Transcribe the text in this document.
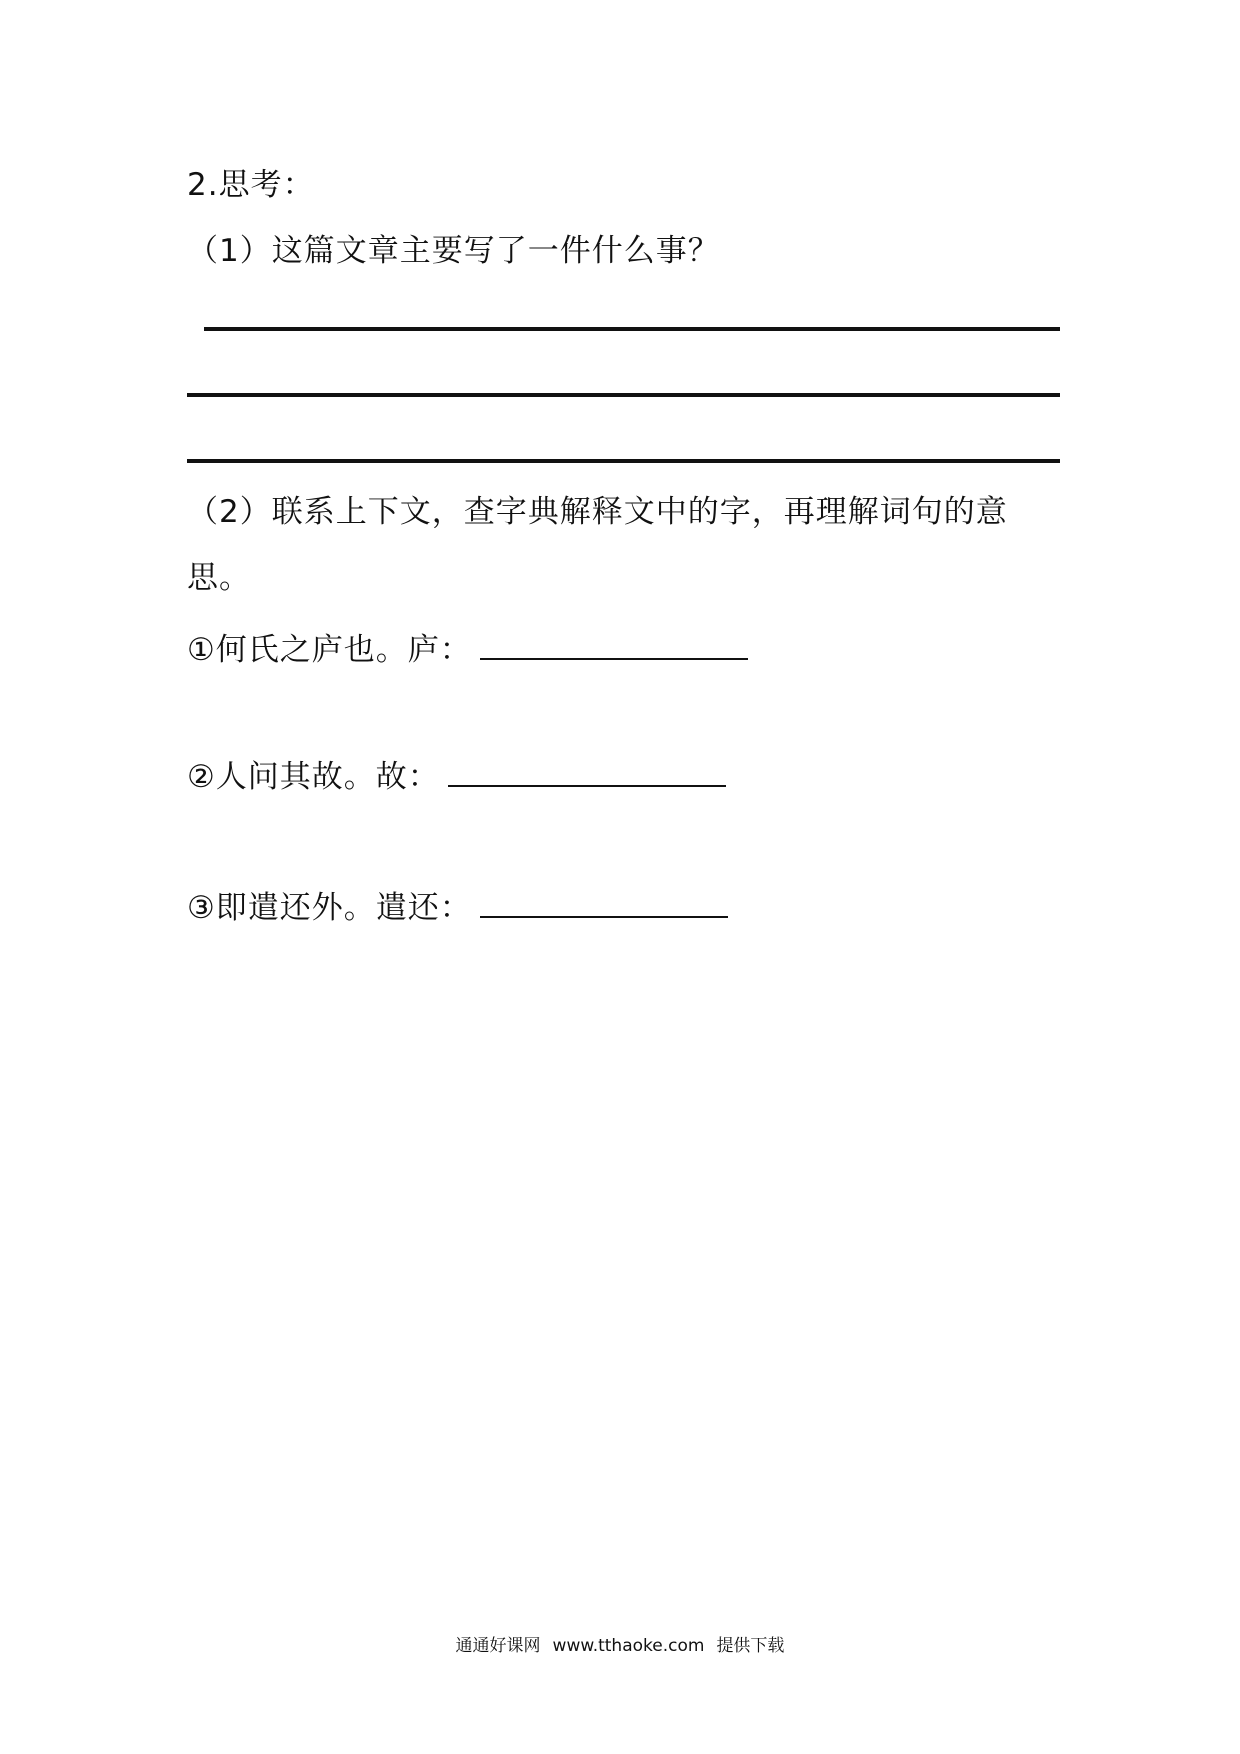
2.思考：
（1）这篇文章主要写了一件什么事？
（2）联系上下文，查字典解释文中的字，再理解词句的意
思。
①何氏之庐也。庐：
②人问其故。故：
③即遣还外。遣还：
通通好课网 www.tthaoke.com 提供下载
